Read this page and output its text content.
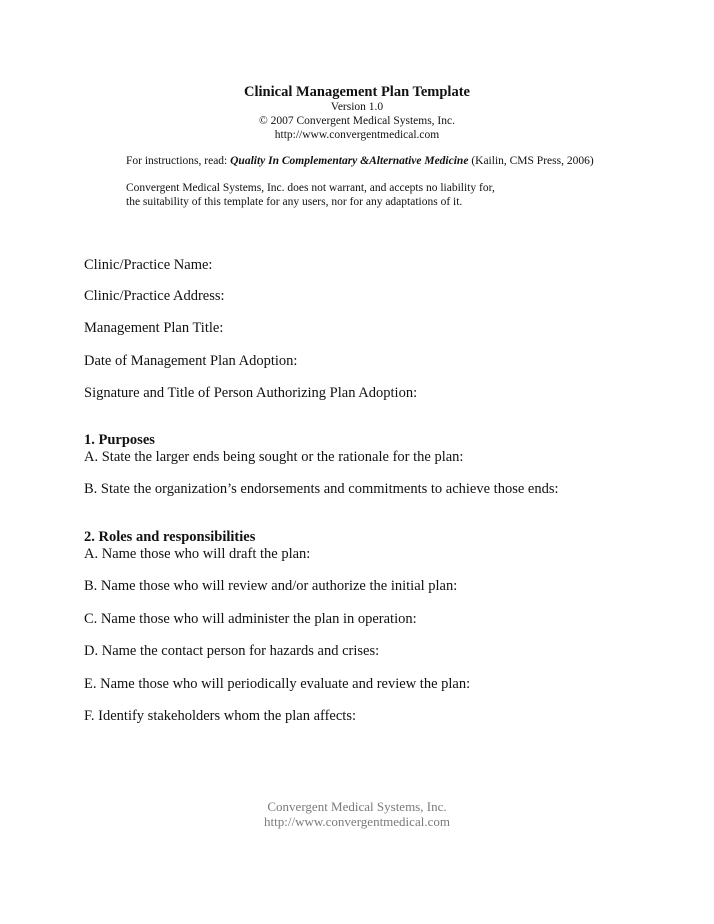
Clinical Management Plan Template
Version 1.0
© 2007 Convergent Medical Systems, Inc.
http://www.convergentmedical.com
For instructions, read: Quality In Complementary &Alternative Medicine (Kailin, CMS Press, 2006)
Convergent Medical Systems, Inc. does not warrant, and accepts no liability for,
the suitability of this template for any users, nor for any adaptations of it.
Clinic/Practice Name:
Clinic/Practice Address:
Management Plan Title:
Date of Management Plan Adoption:
Signature and Title of Person Authorizing Plan Adoption:
1. Purposes
A. State the larger ends being sought or the rationale for the plan:
B. State the organization’s endorsements and commitments to achieve those ends:
2. Roles and responsibilities
A. Name those who will draft the plan:
B. Name those who will review and/or authorize the initial plan:
C. Name those who will administer the plan in operation:
D. Name the contact person for hazards and crises:
E. Name those who will periodically evaluate and review the plan:
F. Identify stakeholders whom the plan affects:
Convergent Medical Systems, Inc.
http://www.convergentmedical.com
